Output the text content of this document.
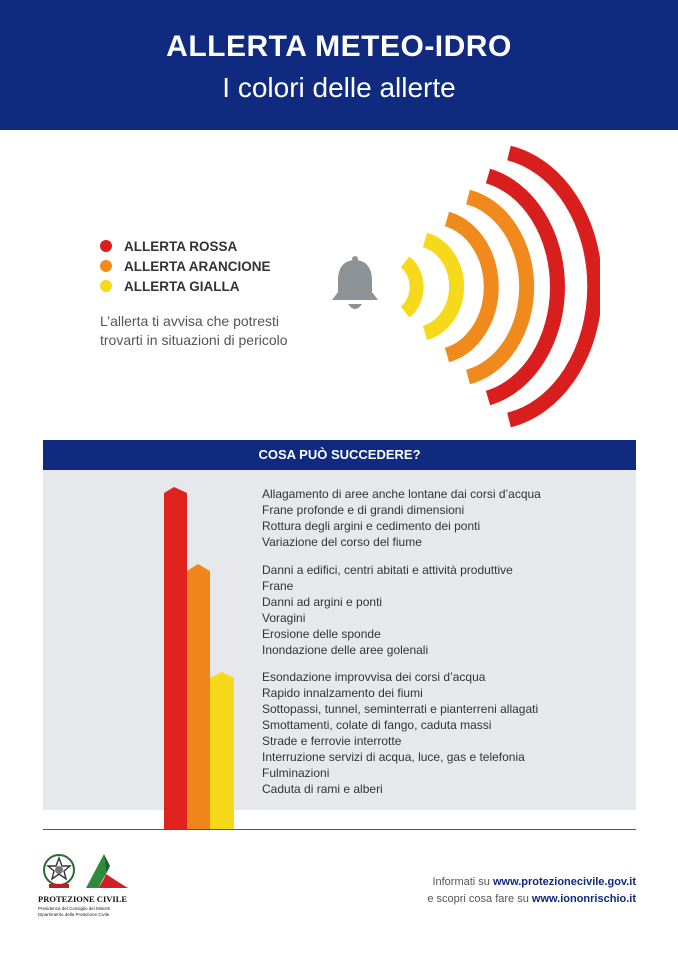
ALLERTA METEO-IDRO
I colori delle allerte
ALLERTA ROSSA
ALLERTA ARANCIONE
ALLERTA GIALLA
L’allerta ti avvisa che potresti
trovarti in situazioni di pericolo
COSA PUÒ SUCCEDERE?
Allagamento di aree anche lontane dai corsi d’acqua
Frane profonde e di grandi dimensioni
Rottura degli argini e cedimento dei ponti
Variazione del corso del fiume
Danni a edifici, centri abitati e attività produttive
Frane
Danni ad argini e ponti
Voragini
Erosione delle sponde
Inondazione delle aree golenali
Esondazione improvvisa dei corsi d’acqua
Rapido innalzamento dei fiumi
Sottopassi, tunnel, seminterrati e pianterreni allagati
Smottamenti, colate di fango, caduta massi
Strade e ferrovie interrotte
Interruzione servizi di acqua, luce, gas e telefonia
Fulminazioni
Caduta di rami e alberi
PROTEZIONE CIVILE
Presidenza del Consiglio dei Ministri
Dipartimento della Protezione Civile
Informati su www.protezionecivile.gov.it
e scopri cosa fare su www.iononrischio.it
